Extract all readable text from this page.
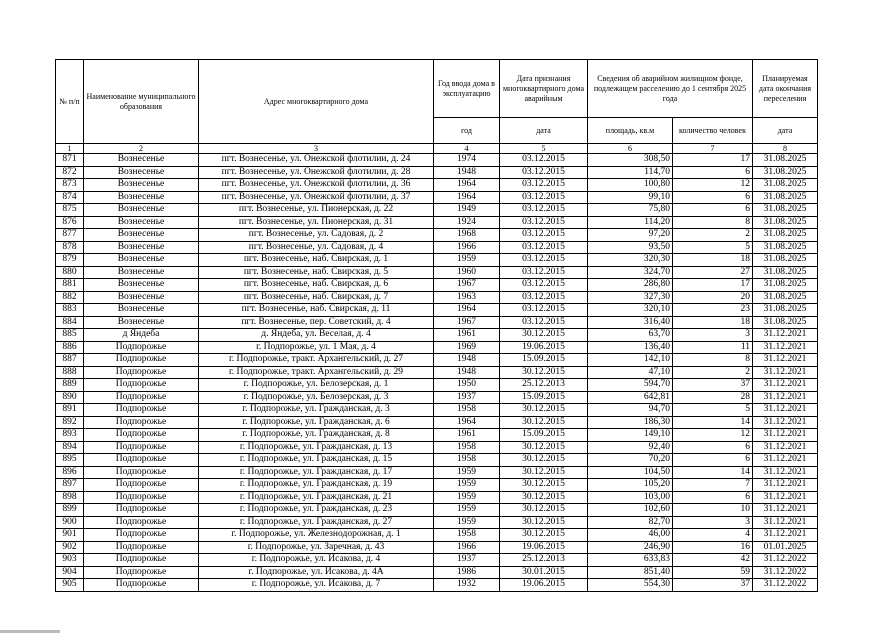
№ п/п	Наименование муниципального образования	Адрес многоквартирного дома	Год ввода дома в эксплуатацию	Дата признания многоквартирного дома аварийным	Сведения об аварийном жилищном фонде, подлежащем расселению до 1 сентября 2025 года		Планируемая дата окончания переселения
			год	дата	площадь, кв.м	количество человек	дата
1	2	3	4	5	6	7	8
871	Вознесенье	пгт. Вознесенье, ул. Онежской флотилии, д. 24	1974	03.12.2015	308,50	17	31.08.2025
872	Вознесенье	пгт. Вознесенье, ул. Онежской флотилии, д. 28	1948	03.12.2015	114,70	6	31.08.2025
873	Вознесенье	пгт. Вознесенье, ул. Онежской флотилии, д. 36	1964	03.12.2015	100,80	12	31.08.2025
874	Вознесенье	пгт. Вознесенье, ул. Онежской флотилии, д. 37	1964	03.12.2015	99,10	6	31.08.2025
875	Вознесенье	пгт. Вознесенье, ул. Пионерская, д. 22	1949	03.12.2015	75,80	6	31.08.2025
876	Вознесенье	пгт. Вознесенье, ул. Пионерская, д. 31	1924	03.12.2015	114,20	8	31.08.2025
877	Вознесенье	пгт. Вознесенье, ул. Садовая, д. 2	1968	03.12.2015	97,20	2	31.08.2025
878	Вознесенье	пгт. Вознесенье, ул. Садовая, д. 4	1966	03.12.2015	93,50	5	31.08.2025
879	Вознесенье	пгт. Вознесенье, наб. Свирская, д. 1	1959	03.12.2015	320,30	18	31.08.2025
880	Вознесенье	пгт. Вознесенье, наб. Свирская, д. 5	1960	03.12.2015	324,70	27	31.08.2025
881	Вознесенье	пгт. Вознесенье, наб. Свирская, д. 6	1967	03.12.2015	286,80	17	31.08.2025
882	Вознесенье	пгт. Вознесенье, наб. Свирская, д. 7	1963	03.12.2015	327,30	20	31.08.2025
883	Вознесенье	пгт. Вознесенье, наб. Свирская, д. 11	1964	03.12.2015	320,10	23	31.08.2025
884	Вознесенье	пгт. Вознесенье, пер. Советский, д. 4	1967	03.12.2015	316,40	18	31.08.2025
885	д Яндеба	д. Яндеба, ул. Веселая, д. 4	1961	30.12.2015	63,70	3	31.12.2021
886	Подпорожье	г. Подпорожье, ул. 1 Мая, д. 4	1969	19.06.2015	136,40	11	31.12.2021
887	Подпорожье	г. Подпорожье, тракт. Архангельский, д. 27	1948	15.09.2015	142,10	8	31.12.2021
888	Подпорожье	г. Подпорожье, тракт. Архангельский, д. 29	1948	30.12.2015	47,10	2	31.12.2021
889	Подпорожье	г. Подпорожье, ул. Белозерская, д. 1	1950	25.12.2013	594,70	37	31.12.2021
890	Подпорожье	г. Подпорожье, ул. Белозерская, д. 3	1937	15.09.2015	642,81	28	31.12.2021
891	Подпорожье	г. Подпорожье, ул. Гражданская, д. 3	1958	30.12.2015	94,70	5	31.12.2021
892	Подпорожье	г. Подпорожье, ул. Гражданская, д. 6	1964	30.12.2015	186,30	14	31.12.2021
893	Подпорожье	г. Подпорожье, ул. Гражданская, д. 8	1961	15.09.2015	149,10	12	31.12.2021
894	Подпорожье	г. Подпорожье, ул. Гражданская, д. 13	1958	30.12.2015	92,40	6	31.12.2021
895	Подпорожье	г. Подпорожье, ул. Гражданская, д. 15	1958	30.12.2015	70,20	6	31.12.2021
896	Подпорожье	г. Подпорожье, ул. Гражданская, д. 17	1959	30.12.2015	104,50	14	31.12.2021
897	Подпорожье	г. Подпорожье, ул. Гражданская, д. 19	1959	30.12.2015	105,20	7	31.12.2021
898	Подпорожье	г. Подпорожье, ул. Гражданская, д. 21	1959	30.12.2015	103,00	6	31.12.2021
899	Подпорожье	г. Подпорожье, ул. Гражданская, д. 23	1959	30.12.2015	102,60	10	31.12.2021
900	Подпорожье	г. Подпорожье, ул. Гражданская, д. 27	1959	30.12.2015	82,70	3	31.12.2021
901	Подпорожье	г. Подпорожье, ул. Железнодорожная, д. 1	1958	30.12.2015	46,00	4	31.12.2021
902	Подпорожье	г. Подпорожье, ул. Заречная, д. 43	1966	19.06.2015	246,90	16	01.01.2025
903	Подпорожье	г. Подпорожье, ул. Исакова, д. 4	1937	25.12.2013	633,83	42	31.12.2022
904	Подпорожье	г. Подпорожье, ул. Исакова, д. 4А	1986	30.01.2015	851,40	59	31.12.2022
905	Подпорожье	г. Подпорожье, ул. Исакова, д. 7	1932	19.06.2015	554,30	37	31.12.2022
